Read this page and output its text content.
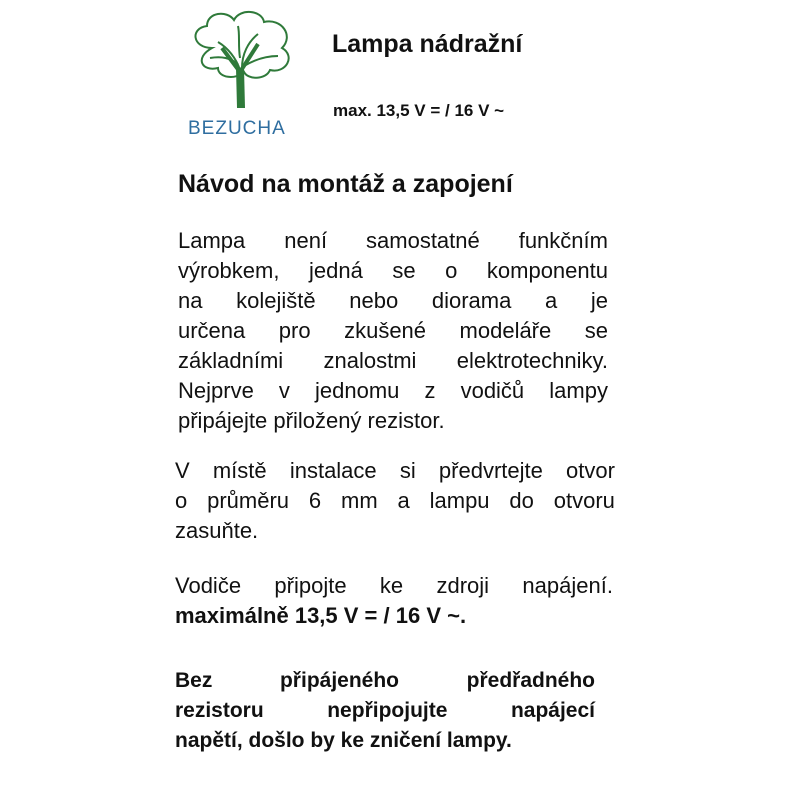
BEZUCHA
Lampa nádražní
max. 13,5 V = / 16 V ~
Návod na montáž a zapojení
Lampa není samostatné funkčním
výrobkem, jedná se o komponentu
na kolejiště nebo diorama a je
určena pro zkušené modeláře se
základními znalostmi elektrotechniky.
Nejprve v jednomu z vodičů lampy
připájejte přiložený rezistor.
V místě instalace si předvrtejte otvor
o průměru 6 mm a lampu do otvoru
zasuňte.
Vodiče připojte ke zdroji napájení.
maximálně 13,5 V = / 16 V ~.
Bez	připájeného	předřadného
rezistoru	nepřipojujte	napájecí
napětí, došlo by ke zničení lampy.
